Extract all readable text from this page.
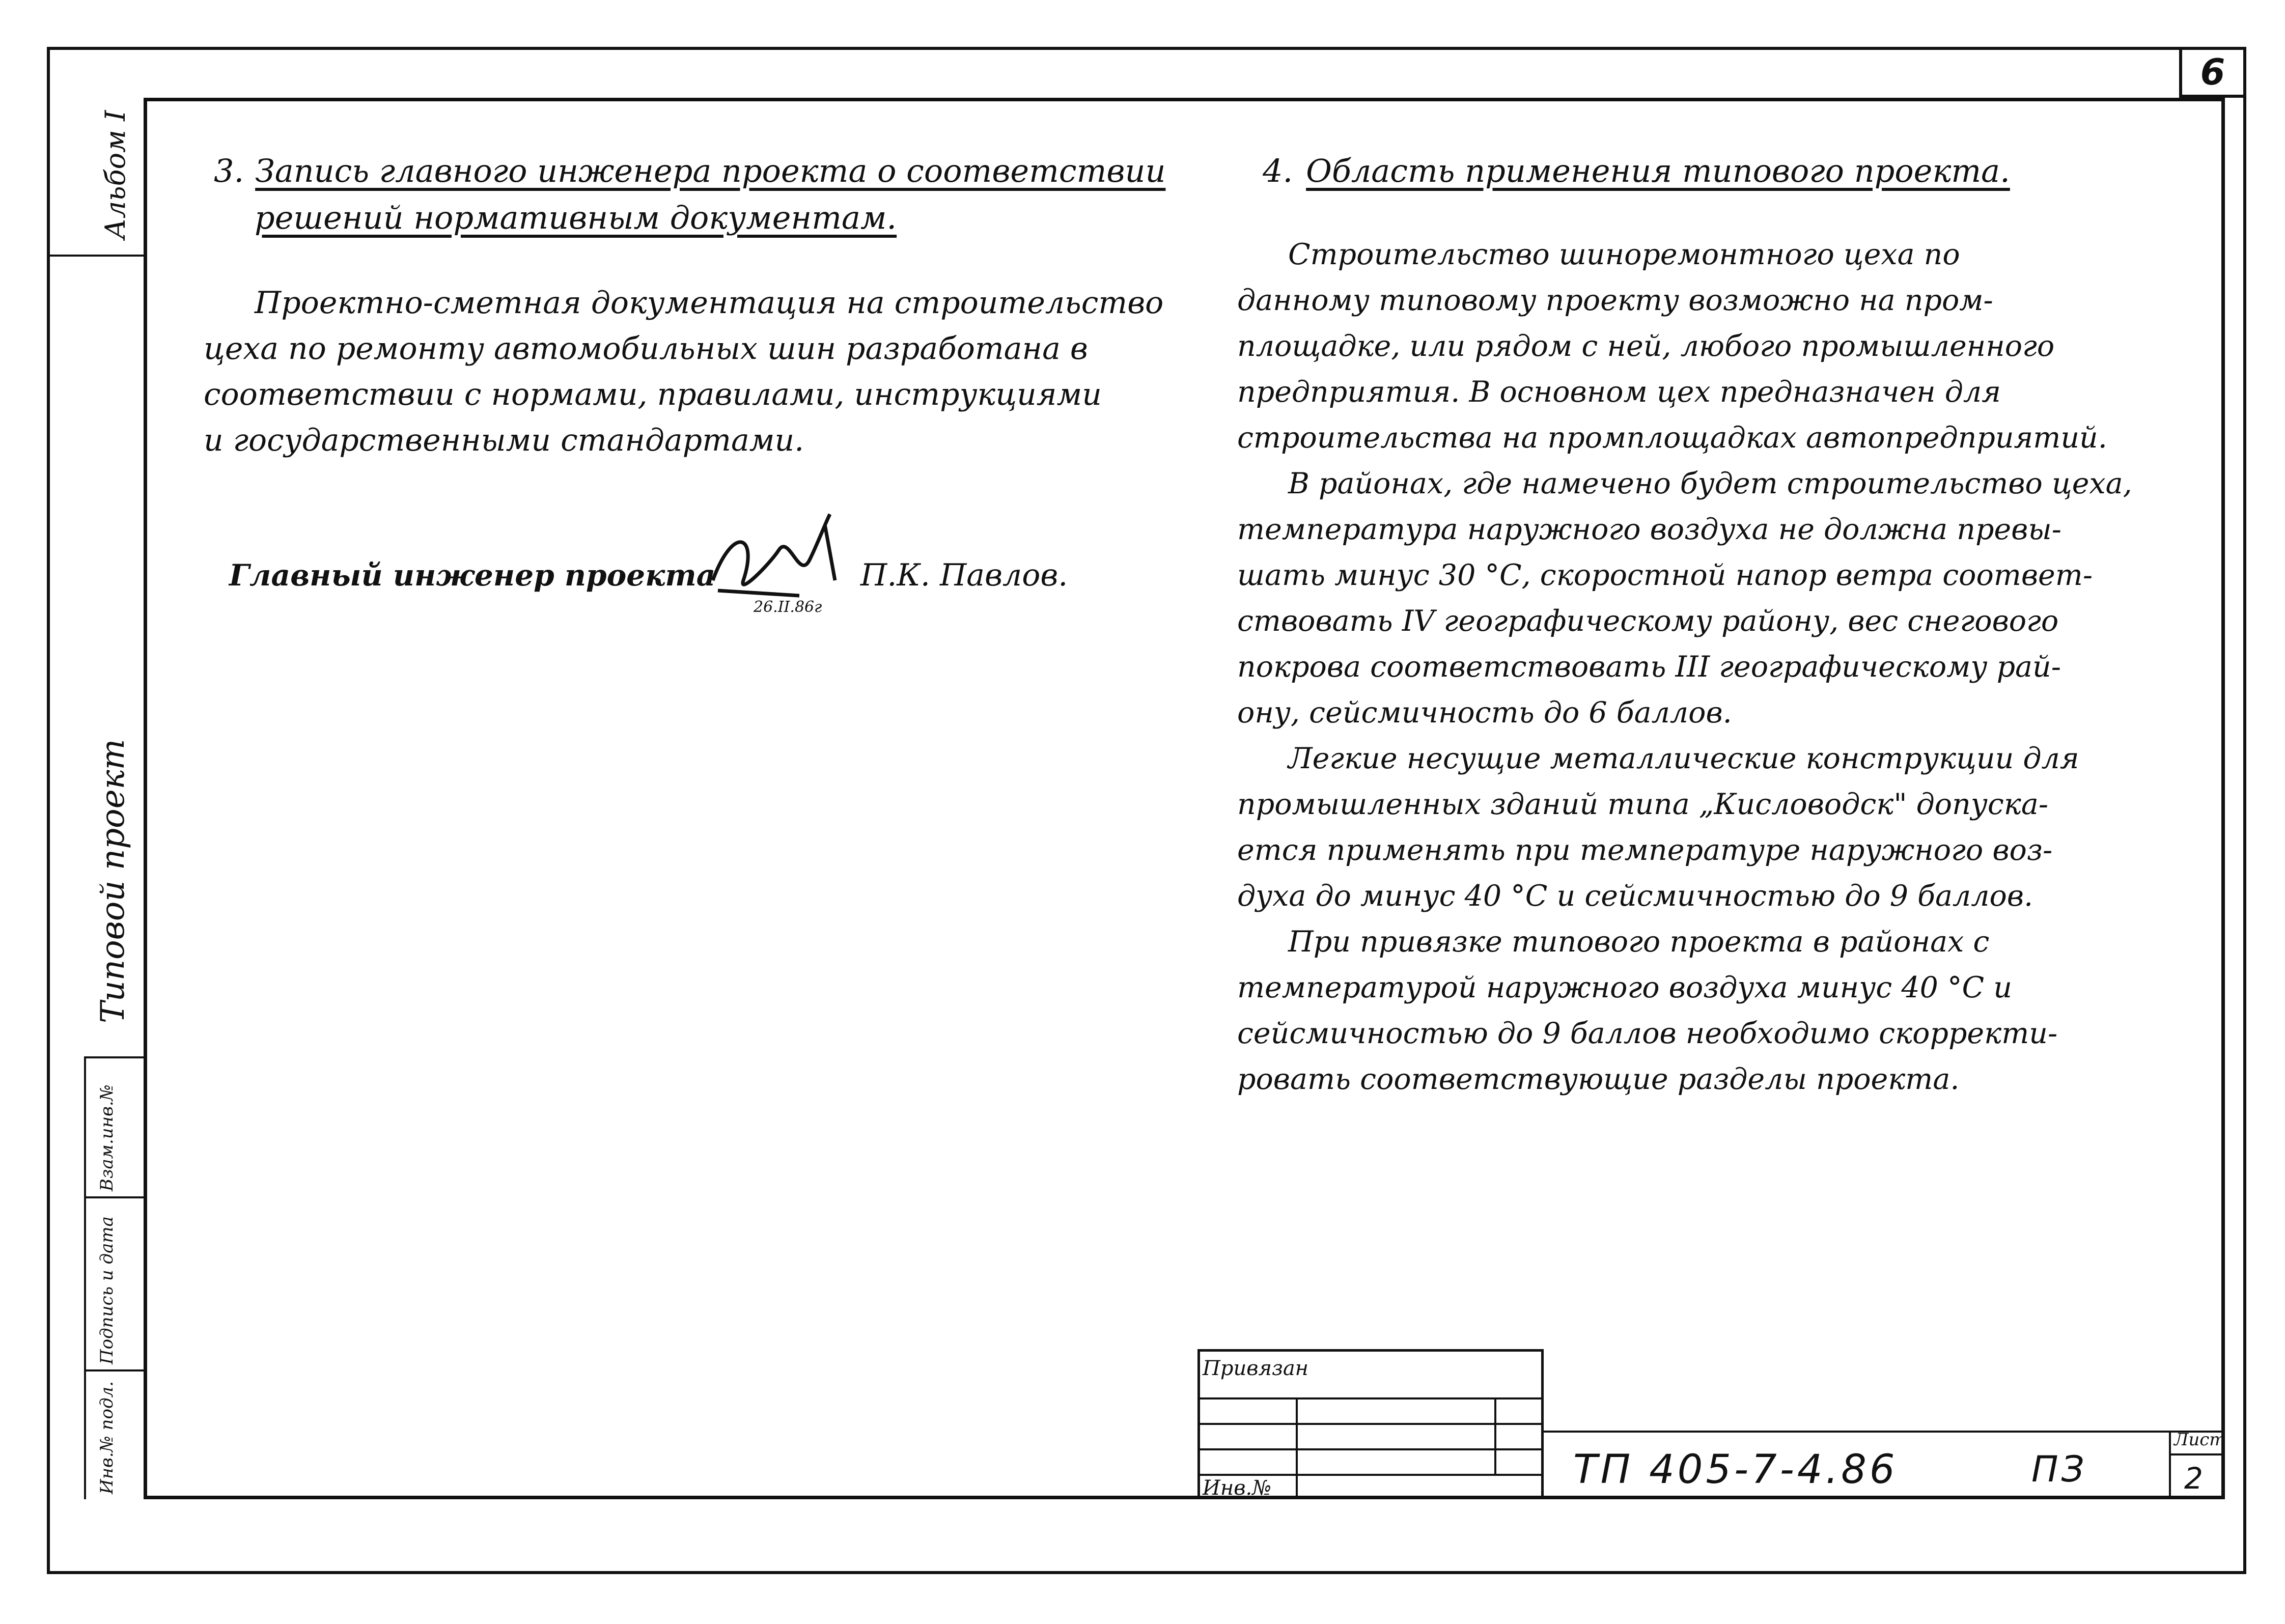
6
Альбом I
Типовой проект
Взам.инв.№
Подпись и дата
Инв.№ подл.
3. Запись главного инженера проекта о соответствии
решений нормативным документам.

Проектно-сметная документация на строительство

цеха по ремонту автомобильных шин разработана в

соответствии с нормами, правилами, инструкциями

и государственными стандартами.

Главный инженер проекта
26.II.86г
П.К. Павлов.
4. Область применения типового проекта.

Строительство шиноремонтного цеха по

данному типовому проекту возможно на пром-

площадке, или рядом с ней, любого промышленного

предприятия. В основном цех предназначен для

строительства на промплощадках автопредприятий.

В районах, где намечено будет строительство цеха,

температура наружного воздуха не должна превы-

шать минус 30 °С, скоростной напор ветра соответ-

ствовать IV географическому району, вес снегового

покрова соответствовать III географическому рай-

ону, сейсмичность до 6 баллов.

Легкие несущие металлические конструкции для

промышленных зданий типа „Кисловодск" допуска-

ется применять при температуре наружного воз-

духа до минус 40 °С и сейсмичностью до 9 баллов.

При привязке типового проекта в районах с

температурой наружного воздуха минус 40 °С и

сейсмичностью до 9 баллов необходимо скорректи-

ровать соответствующие разделы проекта.

Привязан
Инв.№	ТП 405-7-4.86	ПЗ
Лист
2
